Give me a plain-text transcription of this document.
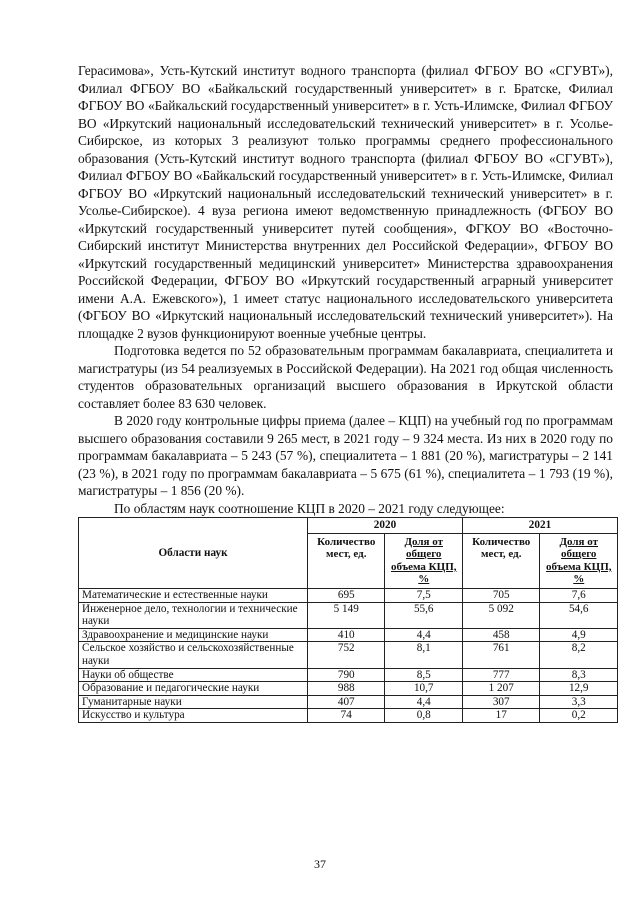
Герасимова», Усть-Кутский институт водного транспорта (филиал ФГБОУ ВО «СГУВТ»), Филиал ФГБОУ ВО «Байкальский государственный университет» в г. Братске, Филиал ФГБОУ ВО «Байкальский государственный университет» в г. Усть-Илимске, Филиал ФГБОУ ВО «Иркутский национальный исследовательский технический университет» в г. Усолье-Сибирское, из которых 3 реализуют только программы среднего профессионального образования (Усть-Кутский институт водного транспорта (филиал ФГБОУ ВО «СГУВТ»), Филиал ФГБОУ ВО «Байкальский государственный университет» в г. Усть-Илимске, Филиал ФГБОУ ВО «Иркутский национальный исследовательский технический университет» в г. Усолье-Сибирское). 4 вуза региона имеют ведомственную принадлежность (ФГБОУ ВО «Иркутский государственный университет путей сообщения», ФГКОУ ВО «Восточно-Сибирский институт Министерства внутренних дел Российской Федерации», ФГБОУ ВО «Иркутский государственный медицинский университет» Министерства здравоохранения Российской Федерации, ФГБОУ ВО «Иркутский государственный аграрный университет имени А.А. Ежевского»), 1 имеет статус национального исследовательского университета (ФГБОУ ВО «Иркутский национальный исследовательский технический университет»). На площадке 2 вузов функционируют военные учебные центры.

Подготовка ведется по 52 образовательным программам бакалавриата, специалитета и магистратуры (из 54 реализуемых в Российской Федерации). На 2021 год общая численность студентов образовательных организаций высшего образования в Иркутской области составляет более 83 630 человек.

В 2020 году контрольные цифры приема (далее – КЦП) на учебный год по программам высшего образования составили 9 265 мест, в 2021 году – 9 324 места. Из них в 2020 году по программам бакалавриата – 5 243 (57 %), специалитета – 1 881 (20 %), магистратуры – 2 141 (23 %), в 2021 году по программам бакалавриата – 5 675 (61 %), специалитета – 1 793 (19 %), магистратуры – 1 856 (20 %).

По областям наук соотношение КЦП в 2020 – 2021 году следующее:

Области наук	2020		2021	
	Количество мест, ед.	Доля от общего объема КЦП, %	Количество мест, ед.	Доля от общего объема КЦП, %
Математические и естественные науки	695	7,5	705	7,6
Инженерное дело, технологии и технические науки	5 149	55,6	5 092	54,6
Здравоохранение и медицинские науки	410	4,4	458	4,9
Сельское хозяйство и сельскохозяйственные науки	752	8,1	761	8,2
Науки об обществе	790	8,5	777	8,3
Образование и педагогические науки	988	10,7	1 207	12,9
Гуманитарные науки	407	4,4	307	3,3
Искусство и культура	74	0,8	17	0,2
37
